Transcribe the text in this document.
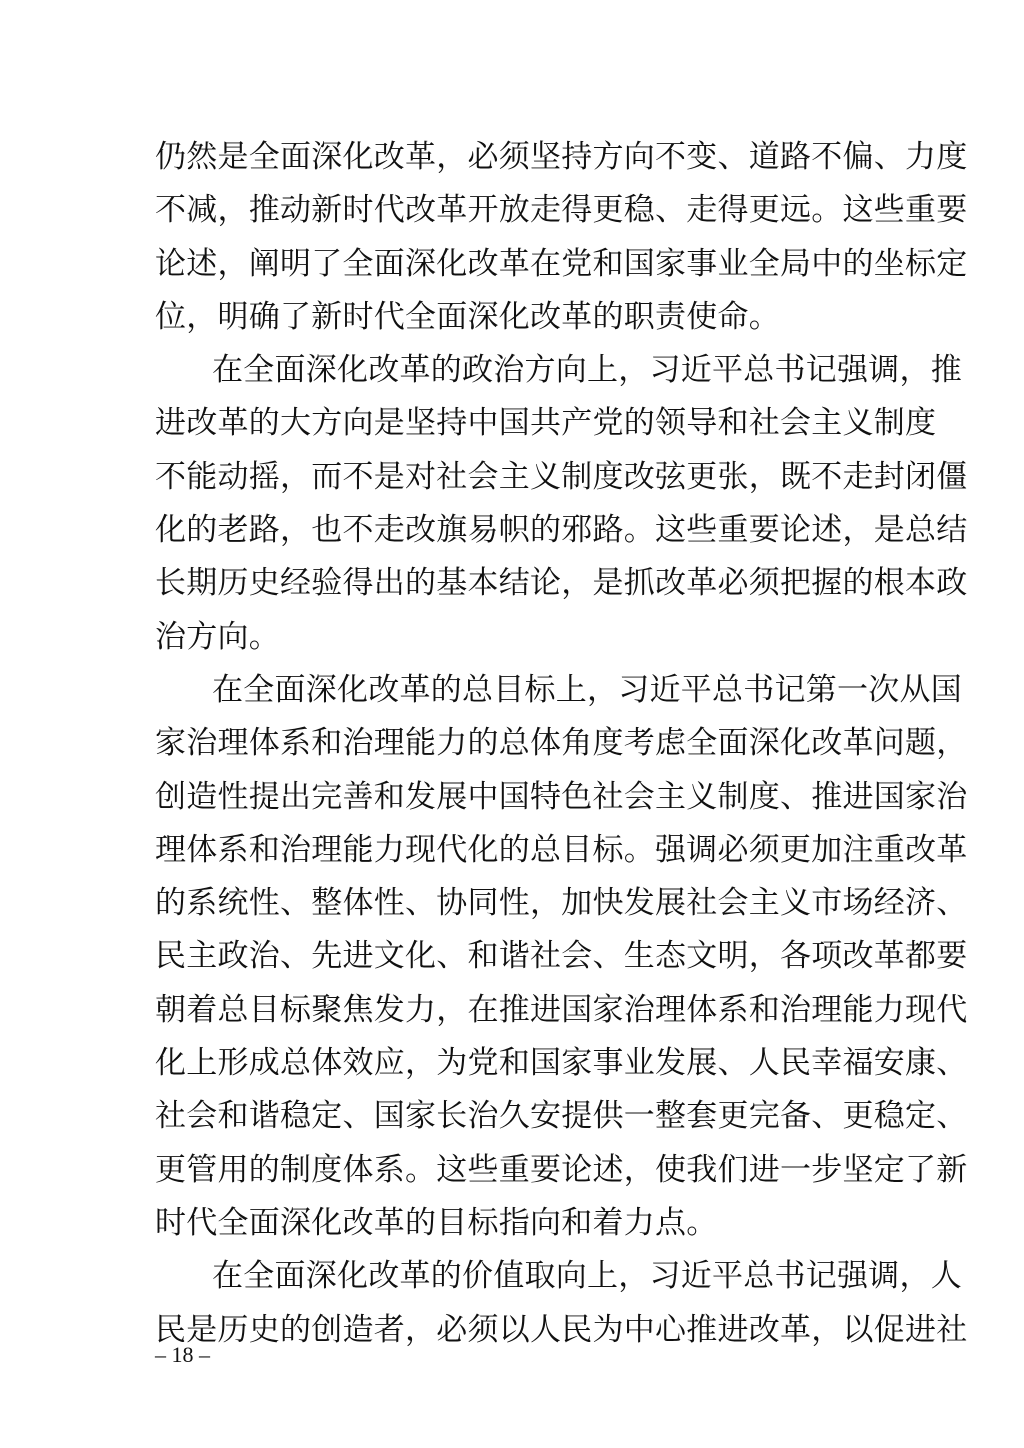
仍然是全面深化改革，必须坚持方向不变、道路不偏、力度
不减，推动新时代改革开放走得更稳、走得更远。这些重要
论述，阐明了全面深化改革在党和国家事业全局中的坐标定
位，明确了新时代全面深化改革的职责使命。
在全面深化改革的政治方向上，习近平总书记强调，推
进改革的大方向是坚持中国共产党的领导和社会主义制度
不能动摇，而不是对社会主义制度改弦更张，既不走封闭僵
化的老路，也不走改旗易帜的邪路。这些重要论述，是总结
长期历史经验得出的基本结论，是抓改革必须把握的根本政
治方向。
在全面深化改革的总目标上，习近平总书记第一次从国
家治理体系和治理能力的总体角度考虑全面深化改革问题，
创造性提出完善和发展中国特色社会主义制度、推进国家治
理体系和治理能力现代化的总目标。强调必须更加注重改革
的系统性、整体性、协同性，加快发展社会主义市场经济、
民主政治、先进文化、和谐社会、生态文明，各项改革都要
朝着总目标聚焦发力，在推进国家治理体系和治理能力现代
化上形成总体效应，为党和国家事业发展、人民幸福安康、
社会和谐稳定、国家长治久安提供一整套更完备、更稳定、
更管用的制度体系。这些重要论述，使我们进一步坚定了新
时代全面深化改革的目标指向和着力点。
在全面深化改革的价值取向上，习近平总书记强调，人
民是历史的创造者，必须以人民为中心推进改革，以促进社
– 18 –
